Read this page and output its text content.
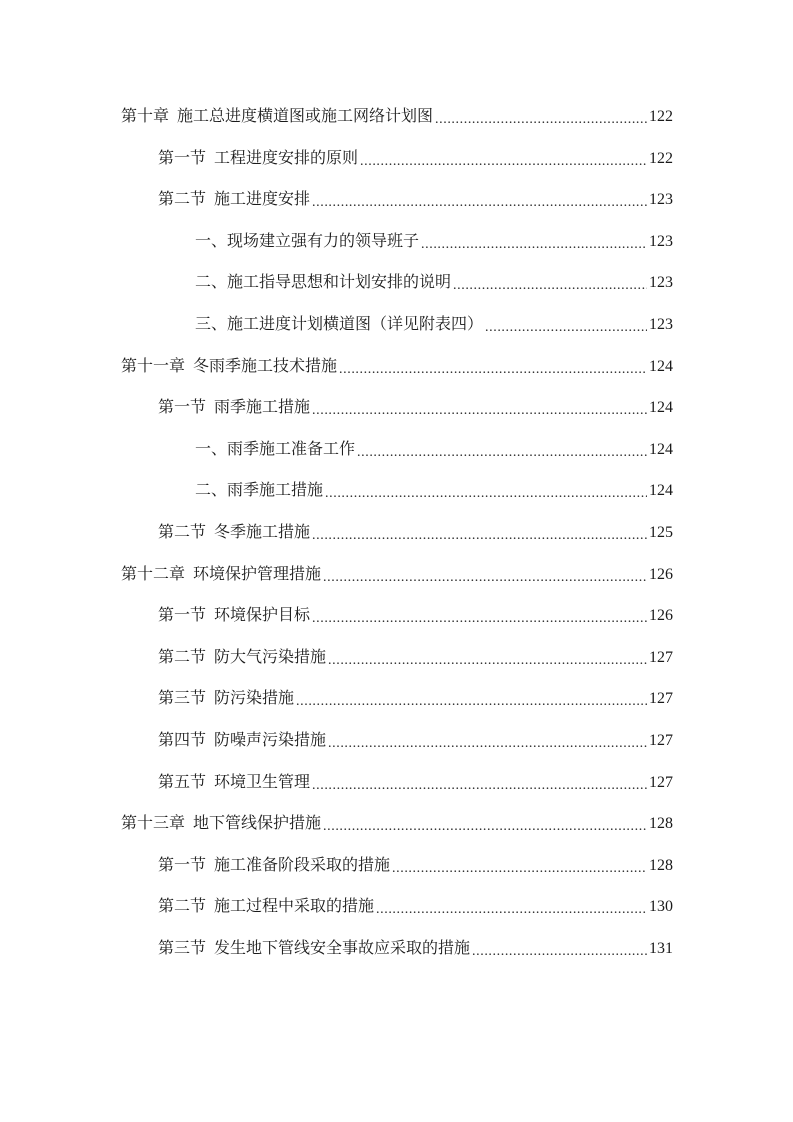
第十章 施工总进度横道图或施工网络计划图 .....	122
第一节 工程进度安排的原则 .....	122
第二节 施工进度安排 .....	123
一、现场建立强有力的领导班子 .....	123
二、施工指导思想和计划安排的说明 .....	123
三、施工进度计划横道图（详见附表四） .....	123
第十一章 冬雨季施工技术措施 .....	124
第一节 雨季施工措施 .....	124
一、雨季施工准备工作 .....	124
二、雨季施工措施 .....	124
第二节 冬季施工措施 .....	125
第十二章 环境保护管理措施 .....	126
第一节 环境保护目标 .....	126
第二节 防大气污染措施 .....	127
第三节 防污染措施 .....	127
第四节 防噪声污染措施 .....	127
第五节 环境卫生管理 .....	127
第十三章 地下管线保护措施 .....	128
第一节 施工准备阶段采取的措施 .....	128
第二节 施工过程中采取的措施 .....	130
第三节 发生地下管线安全事故应采取的措施 .....	131
